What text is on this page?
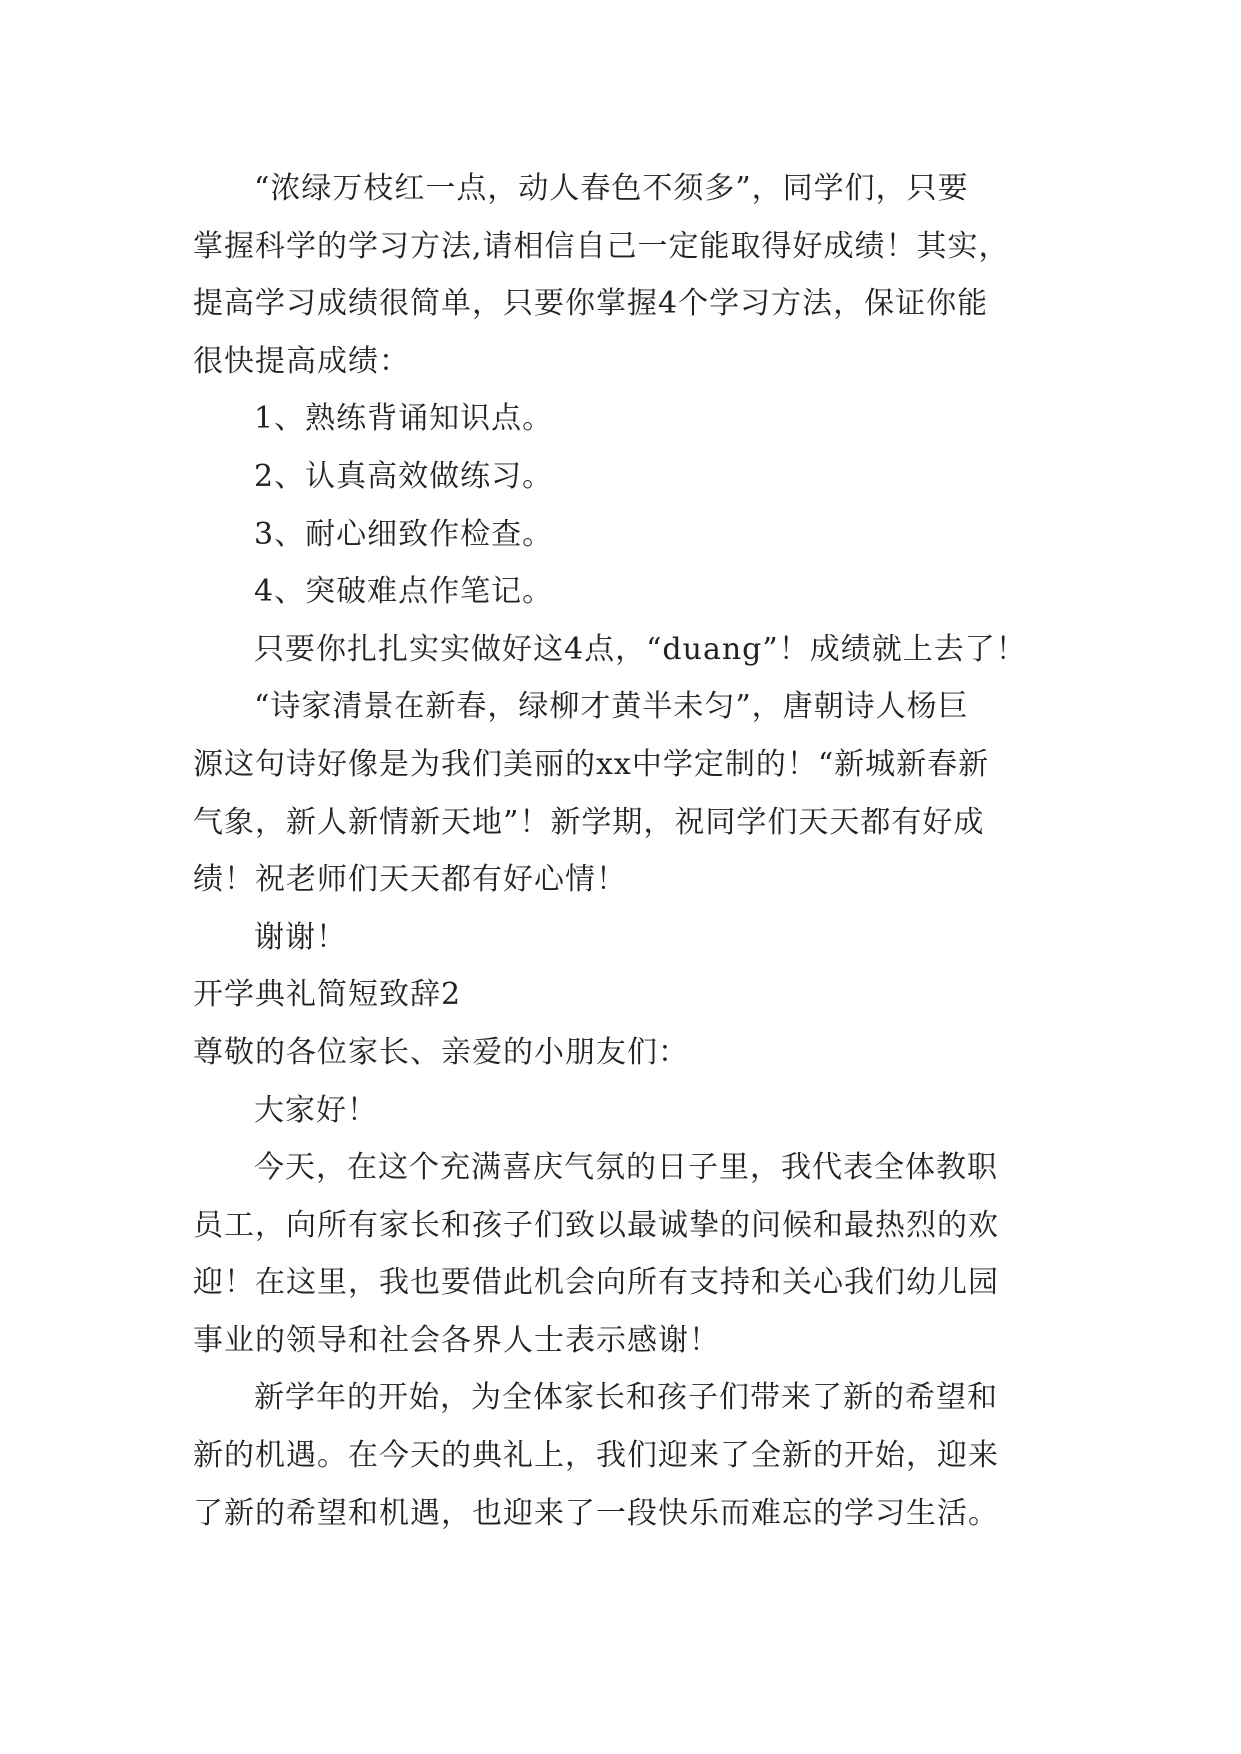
“浓绿万枝红一点，动人春色不须多”，同学们，只要
掌握科学的学习方法,请相信自己一定能取得好成绩！其实，
提高学习成绩很简单，只要你掌握4个学习方法，保证你能
很快提高成绩：
1、熟练背诵知识点。
2、认真高效做练习。
3、耐心细致作检查。
4、突破难点作笔记。
只要你扎扎实实做好这4点，“duang”！成绩就上去了！
“诗家清景在新春，绿柳才黄半未匀”，唐朝诗人杨巨
源这句诗好像是为我们美丽的xx中学定制的！“新城新春新
气象，新人新情新天地”！新学期，祝同学们天天都有好成
绩！祝老师们天天都有好心情！
谢谢！
开学典礼简短致辞2
尊敬的各位家长、亲爱的小朋友们：
大家好！
今天，在这个充满喜庆气氛的日子里，我代表全体教职
员工，向所有家长和孩子们致以最诚挚的问候和最热烈的欢
迎！在这里，我也要借此机会向所有支持和关心我们幼儿园
事业的领导和社会各界人士表示感谢！
新学年的开始，为全体家长和孩子们带来了新的希望和
新的机遇。在今天的典礼上，我们迎来了全新的开始，迎来
了新的希望和机遇，也迎来了一段快乐而难忘的学习生活。
